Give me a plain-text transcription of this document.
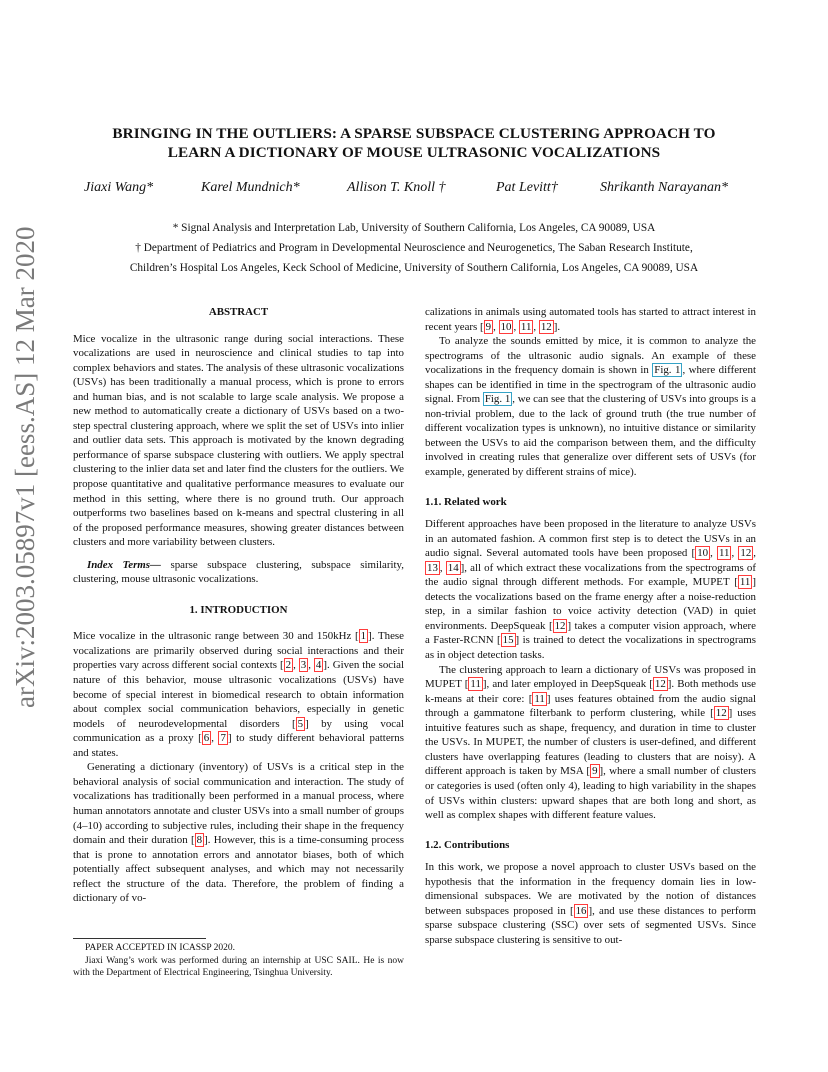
arXiv:2003.05897v1 [eess.AS] 12 Mar 2020
BRINGING IN THE OUTLIERS: A SPARSE SUBSPACE CLUSTERING APPROACH TO
LEARN A DICTIONARY OF MOUSE ULTRASONIC VOCALIZATIONS
Jiaxi Wang*	Karel Mundnich*	Allison T. Knoll †	Pat Levitt†	Shrikanth Narayanan*
* Signal Analysis and Interpretation Lab, University of Southern California, Los Angeles, CA 90089, USA
† Department of Pediatrics and Program in Developmental Neuroscience and Neurogenetics, The Saban Research Institute,
Children’s Hospital Los Angeles, Keck School of Medicine, University of Southern California, Los Angeles, CA 90089, USA

ABSTRACT

Mice vocalize in the ultrasonic range during social interactions. These vocalizations are used in neuroscience and clinical studies to tap into complex behaviors and states. The analysis of these ultrasonic vocalizations (USVs) has been traditionally a manual process, which is prone to errors and human bias, and is not scalable to large scale analysis. We propose a new method to automatically create a dictionary of USVs based on a two-step spectral clustering approach, where we split the set of USVs into inlier and outlier data sets. This approach is motivated by the known degrading performance of sparse subspace clustering with outliers. We apply spectral clustering to the inlier data set and later find the clusters for the outliers. We propose quantitative and qualitative performance measures to evaluate our method in this setting, where there is no ground truth. Our approach outperforms two baselines based on k-means and spectral clustering in all of the proposed performance measures, showing greater distances between clusters and more variability between clusters.

Index Terms— sparse subspace clustering, subspace similarity, clustering, mouse ultrasonic vocalizations.

1. INTRODUCTION

Mice vocalize in the ultrasonic range between 30 and 150kHz [ 1 ]. These vocalizations are primarily observed during social interactions and their properties vary across different social contexts [ 2 , 3 , 4 ]. Given the social nature of this behavior, mouse ultrasonic vocalizations (USVs) have become of special interest in biomedical research to obtain information about complex social communication behaviors, especially in genetic models of neurodevelopmental disorders [ 5 ] by using vocal communication as a proxy [ 6 , 7 ] to study different behavioral patterns and states.

Generating a dictionary (inventory) of USVs is a critical step in the behavioral analysis of social communication and interaction. The study of vocalizations has traditionally been performed in a manual process, where human annotators annotate and cluster USVs into a small number of groups (4–10) according to subjective rules, including their shape in the frequency domain and their duration [ 8 ]. However, this is a time-consuming process that is prone to annotation errors and annotator biases, both of which potentially affect subsequent analyses, and which may not necessarily reflect the structure of the data. Therefore, the problem of finding a dictionary of vo-

PAPER ACCEPTED IN ICASSP 2020.

Jiaxi Wang’s work was performed during an internship at USC SAIL. He is now with the Department of Electrical Engineering, Tsinghua University.

calizations in animals using automated tools has started to attract interest in recent years [ 9 , 10 , 11 , 12 ].

To analyze the sounds emitted by mice, it is common to analyze the spectrograms of the ultrasonic audio signals. An example of these vocalizations in the frequency domain is shown in Fig. 1 , where different shapes can be identified in time in the spectrogram of the ultrasonic audio signal. From Fig. 1 , we can see that the clustering of USVs into groups is a non-trivial problem, due to the lack of ground truth (the true number of different vocalization types is unknown), no intuitive distance or similarity between the USVs to aid the comparison between them, and the difficulty involved in creating rules that generalize over different sets of USVs (for example, generated by different strains of mice).

1.1. Related work

Different approaches have been proposed in the literature to analyze USVs in an automated fashion. A common first step is to detect the USVs in an audio signal. Several automated tools have been proposed [ 10 , 11 , 12 , 13 , 14 ], all of which extract these vocalizations from the spectrograms of the audio signal through different methods. For example, MUPET [ 11 ] detects the vocalizations based on the frame energy after a noise-reduction step, in a similar fashion to voice activity detection (VAD) in quiet environments. DeepSqueak [ 12 ] takes a computer vision approach, where a Faster-RCNN [ 15 ] is trained to detect the vocalizations in spectrograms as in object detection tasks.

The clustering approach to learn a dictionary of USVs was proposed in MUPET [ 11 ], and later employed in DeepSqueak [ 12 ]. Both methods use k-means at their core: [ 11 ] uses features obtained from the audio signal through a gammatone filterbank to perform clustering, while [ 12 ] uses intuitive features such as shape, frequency, and duration in time to cluster the USVs. In MUPET, the number of clusters is user-defined, and different clusters have overlapping features (leading to clusters that are noisy). A different approach is taken by MSA [ 9 ], where a small number of clusters or categories is used (often only 4), leading to high variability in the shapes of USVs within clusters: upward shapes that are both long and short, as well as complex shapes with different feature values.

1.2. Contributions

In this work, we propose a novel approach to cluster USVs based on the hypothesis that the information in the frequency domain lies in low-dimensional subspaces. We are motivated by the notion of distances between subspaces proposed in [ 16 ], and use these distances to perform sparse subspace clustering (SSC) over sets of segmented USVs. Since sparse subspace clustering is sensitive to out-
